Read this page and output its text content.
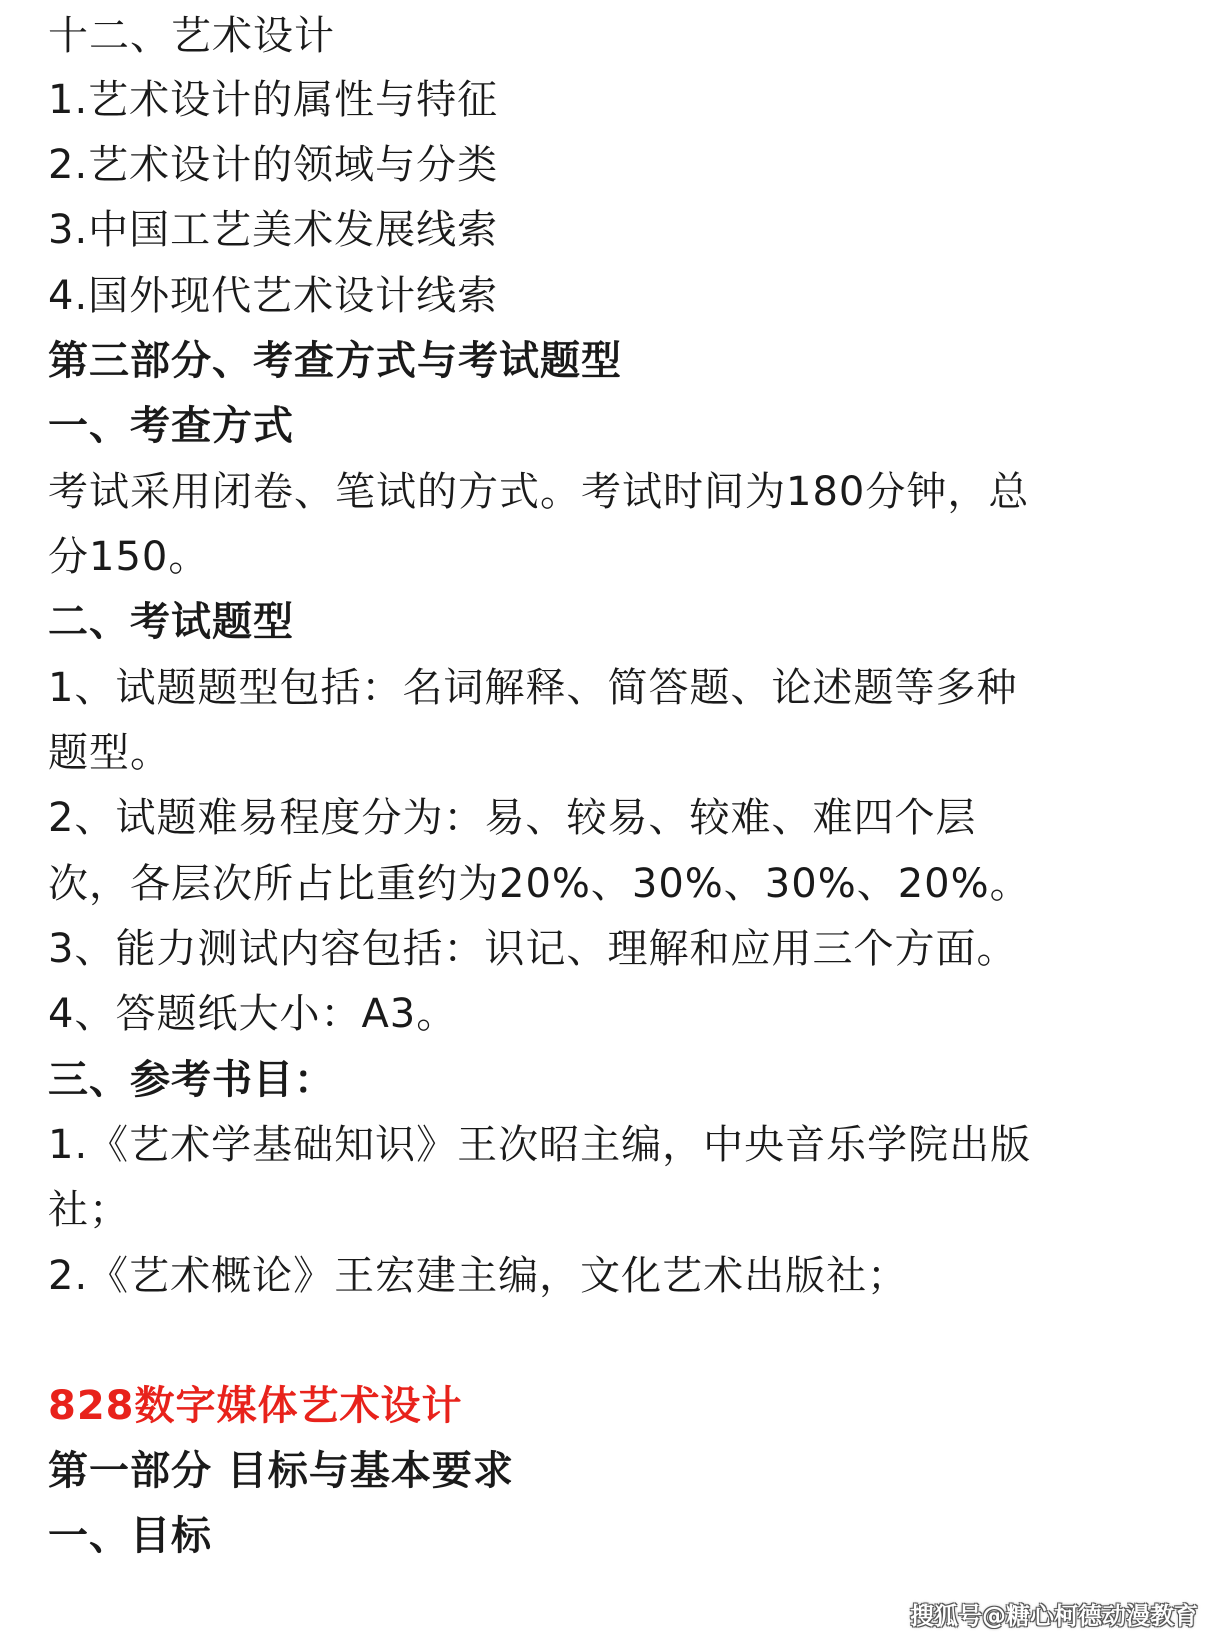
十二、艺术设计
1.艺术设计的属性与特征
2.艺术设计的领域与分类
3.中国工艺美术发展线索
4.国外现代艺术设计线索
第三部分、考查方式与考试题型
一、考查方式
考试采用闭卷、笔试的方式。考试时间为180分钟，总
分150。
二、考试题型
1、试题题型包括：名词解释、简答题、论述题等多种
题型。
2、试题难易程度分为：易、较易、较难、难四个层
次，各层次所占比重约为20%、30%、30%、20%。
3、能力测试内容包括：识记、理解和应用三个方面。
4、答题纸大小：A3。
三、参考书目：
1.《艺术学基础知识》王次昭主编，中央音乐学院出版
社；
2.《艺术概论》王宏建主编，文化艺术出版社；
828数字媒体艺术设计
第一部分 目标与基本要求
一、目标
搜狐号@糖心柯德动漫教育
